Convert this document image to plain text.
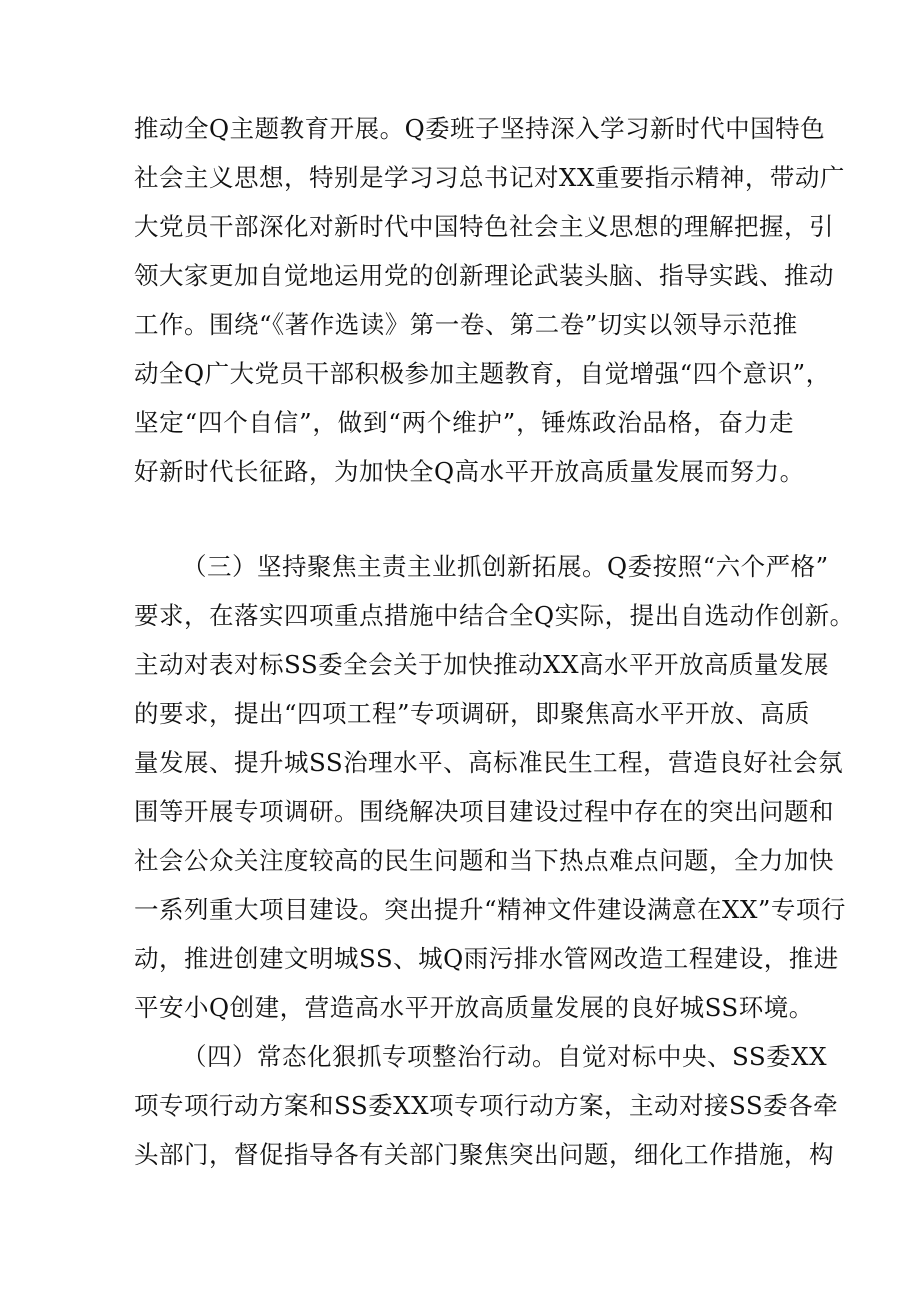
推动全Q主题教育开展。Q委班子坚持深入学习新时代中国特色
社会主义思想，特别是学习习总书记对XX重要指示精神，带动广
大党员干部深化对新时代中国特色社会主义思想的理解把握，引
领大家更加自觉地运用党的创新理论武装头脑、指导实践、推动
工作。围绕“《著作选读》第一卷、第二卷”切实以领导示范推
动全Q广大党员干部积极参加主题教育，自觉增强“四个意识”，
坚定“四个自信”，做到“两个维护”，锤炼政治品格，奋力走
好新时代长征路，为加快全Q高水平开放高质量发展而努力。
（三）坚持聚焦主责主业抓创新拓展。Q委按照“六个严格”
要求，在落实四项重点措施中结合全Q实际，提出自选动作创新。
主动对表对标SS委全会关于加快推动XX高水平开放高质量发展
的要求，提出“四项工程”专项调研，即聚焦高水平开放、高质
量发展、提升城SS治理水平、高标准民生工程，营造良好社会氛
围等开展专项调研。围绕解决项目建设过程中存在的突出问题和
社会公众关注度较高的民生问题和当下热点难点问题，全力加快
一系列重大项目建设。突出提升“精神文件建设满意在XX”专项行
动，推进创建文明城SS、城Q雨污排水管网改造工程建设，推进
平安小Q创建，营造高水平开放高质量发展的良好城SS环境。
（四）常态化狠抓专项整治行动。自觉对标中央、SS委XX
项专项行动方案和SS委XX项专项行动方案，主动对接SS委各牵
头部门，督促指导各有关部门聚焦突出问题，细化工作措施，构
